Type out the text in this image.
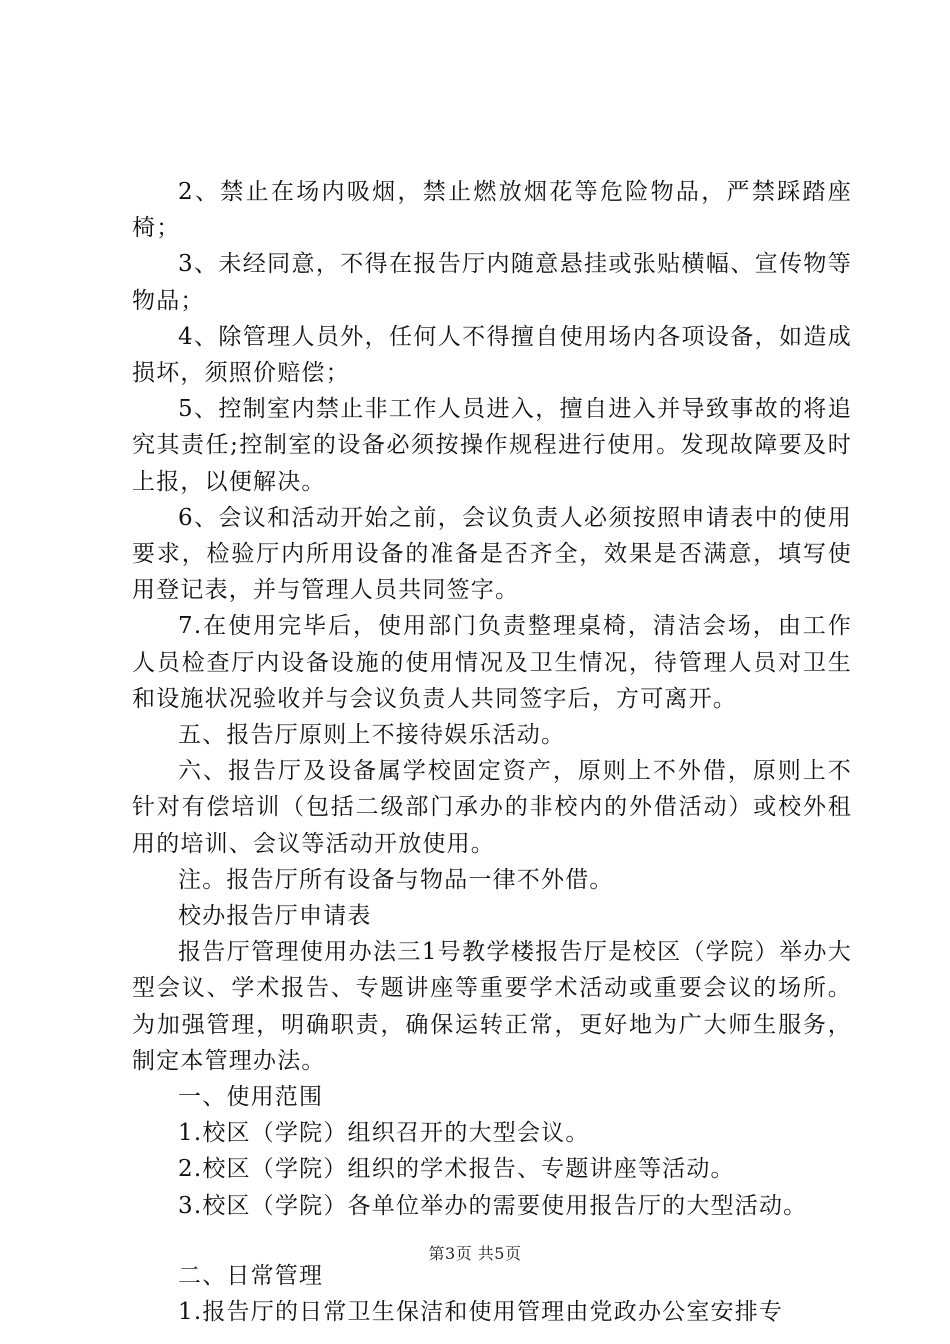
2、禁止在场内吸烟，禁止燃放烟花等危险物品，严禁踩踏座椅；

3、未经同意，不得在报告厅内随意悬挂或张贴横幅、宣传物等物品；

4、除管理人员外，任何人不得擅自使用场内各项设备，如造成损坏，须照价赔偿；

5、控制室内禁止非工作人员进入，擅自进入并导致事故的将追究其责任;控制室的设备必须按操作规程进行使用。发现故障要及时上报，以便解决。

6、会议和活动开始之前，会议负责人必须按照申请表中的使用要求，检验厅内所用设备的准备是否齐全，效果是否满意，填写使用登记表，并与管理人员共同签字。

7.在使用完毕后，使用部门负责整理桌椅，清洁会场，由工作人员检查厅内设备设施的使用情况及卫生情况，待管理人员对卫生和设施状况验收并与会议负责人共同签字后，方可离开。

五、报告厅原则上不接待娱乐活动。

六、报告厅及设备属学校固定资产，原则上不外借，原则上不针对有偿培训（包括二级部门承办的非校内的外借活动）或校外租用的培训、会议等活动开放使用。

注。报告厅所有设备与物品一律不外借。

校办报告厅申请表

报告厅管理使用办法三1号教学楼报告厅是校区（学院）举办大型会议、学术报告、专题讲座等重要学术活动或重要会议的场所。为加强管理，明确职责，确保运转正常，更好地为广大师生服务，制定本管理办法。

一、使用范围

1.校区（学院）组织召开的大型会议。

2.校区（学院）组织的学术报告、专题讲座等活动。

3.校区（学院）各单位举办的需要使用报告厅的大型活动。

二、日常管理

1.报告厅的日常卫生保洁和使用管理由党政办公室安排专

第3页 共5页
